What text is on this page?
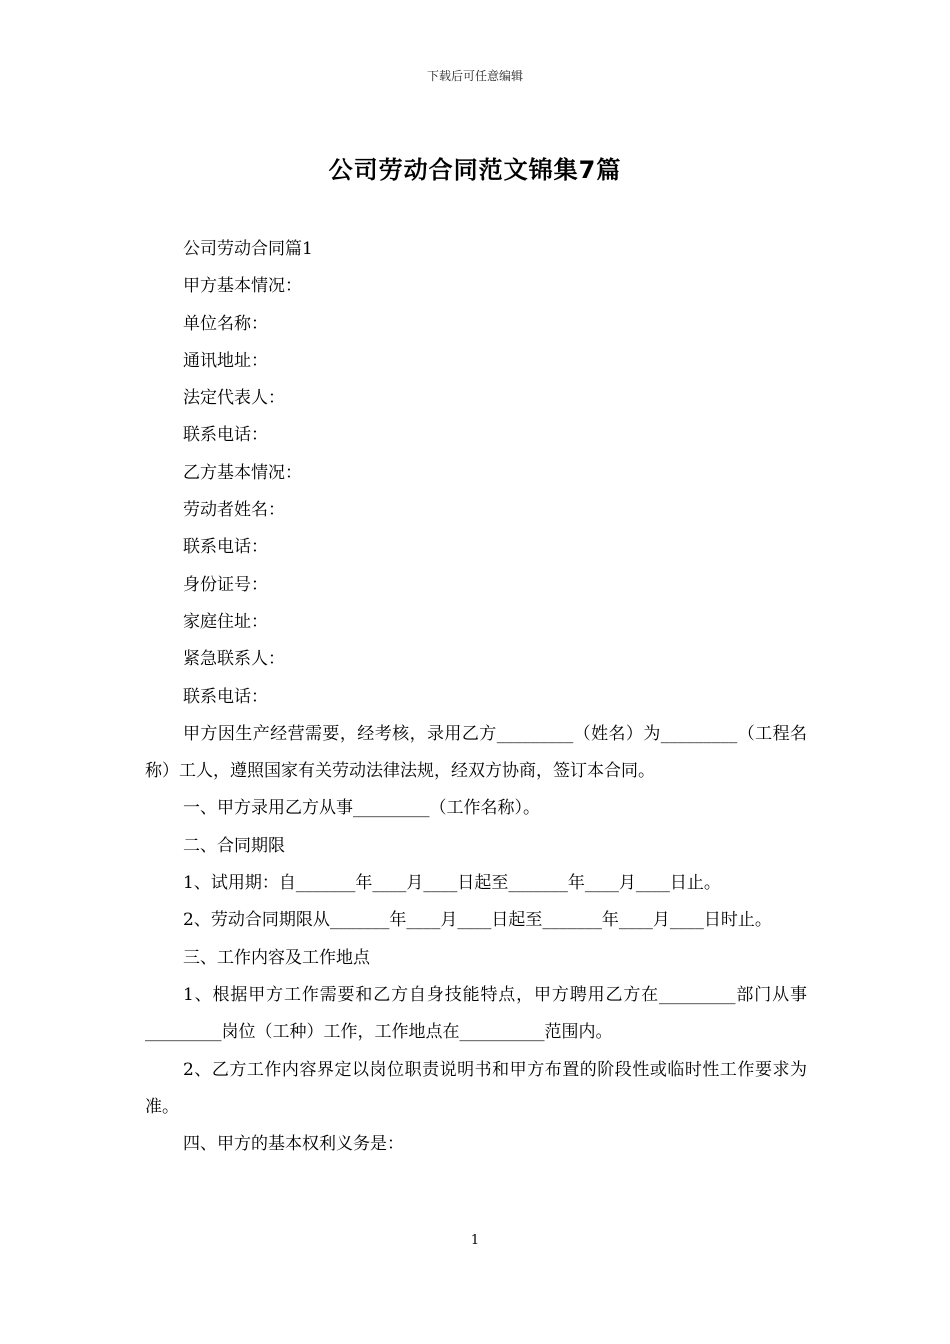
下载后可任意编辑
公司劳动合同范文锦集7篇

公司劳动合同篇1

甲方基本情况：

单位名称：

通讯地址：

法定代表人：

联系电话：

乙方基本情况：

劳动者姓名：

联系电话：

身份证号：

家庭住址：

紧急联系人：

联系电话：

甲方因生产经营需要，经考核，录用乙方_________（姓名）为_________（工程名称）工人，遵照国家有关劳动法律法规，经双方协商，签订本合同。

一、甲方录用乙方从事_________（工作名称）。

二、合同期限

1、试用期：自_______年____月____日起至_______年____月____日止。

2、劳动合同期限从_______年____月____日起至_______年____月____日时止。

三、工作内容及工作地点

1、根据甲方工作需要和乙方自身技能特点，甲方聘用乙方在_________部门从事_________岗位（工种）工作，工作地点在__________范围内。

2、乙方工作内容界定以岗位职责说明书和甲方布置的阶段性或临时性工作要求为准。

四、甲方的基本权利义务是：

1
